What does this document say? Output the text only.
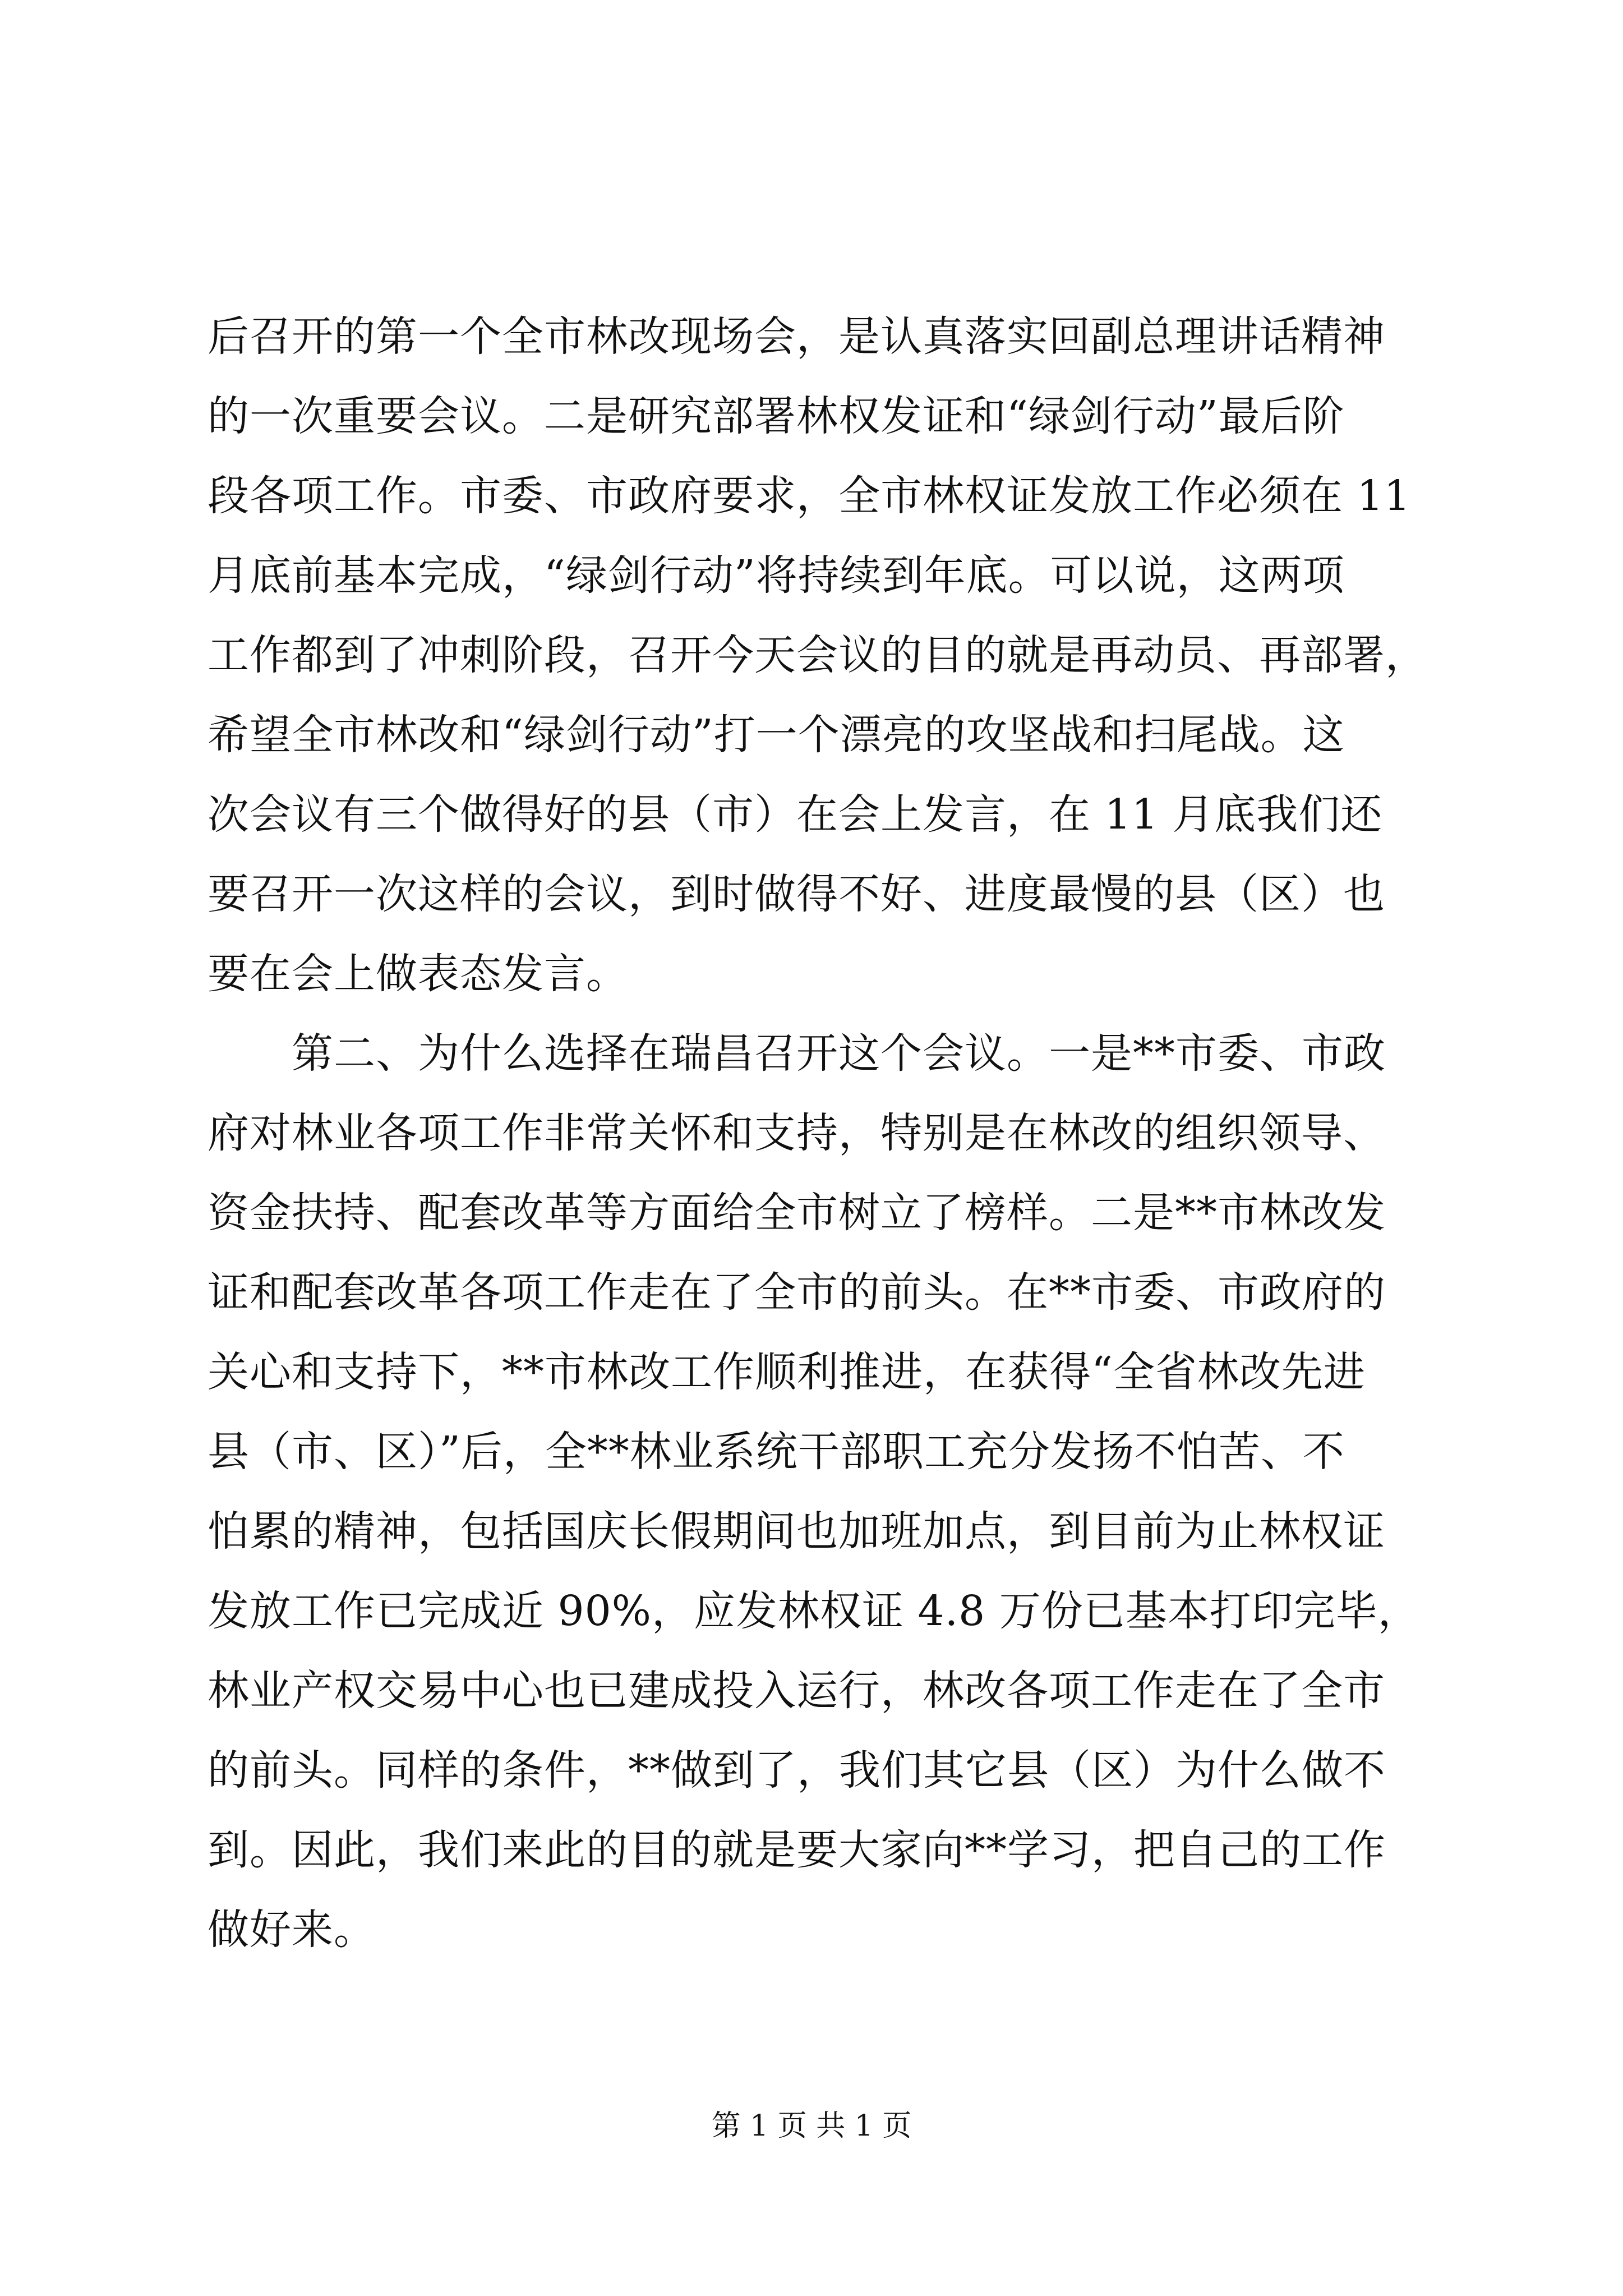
后召开的第一个全市林改现场会，是认真落实回副总理讲话精神
的一次重要会议。二是研究部署林权发证和“绿剑行动”最后阶
段各项工作。市委、市政府要求，全市林权证发放工作必须在 11
月底前基本完成，“绿剑行动”将持续到年底。可以说，这两项
工作都到了冲刺阶段，召开今天会议的目的就是再动员、再部署，
希望全市林改和“绿剑行动”打一个漂亮的攻坚战和扫尾战。这
次会议有三个做得好的县（市）在会上发言，在 11 月底我们还
要召开一次这样的会议，到时做得不好、进度最慢的县（区）也
要在会上做表态发言。
第二、为什么选择在瑞昌召开这个会议。一是**市委、市政
府对林业各项工作非常关怀和支持，特别是在林改的组织领导、
资金扶持、配套改革等方面给全市树立了榜样。二是**市林改发
证和配套改革各项工作走在了全市的前头。在**市委、市政府的
关心和支持下，**市林改工作顺利推进，在获得“全省林改先进
县（市、区）”后，全**林业系统干部职工充分发扬不怕苦、不
怕累的精神，包括国庆长假期间也加班加点，到目前为止林权证
发放工作已完成近 90%，应发林权证 4.8 万份已基本打印完毕，
林业产权交易中心也已建成投入运行，林改各项工作走在了全市
的前头。同样的条件，**做到了，我们其它县（区）为什么做不
到。因此，我们来此的目的就是要大家向**学习，把自己的工作
做好来。
第 1 页 共 1 页
